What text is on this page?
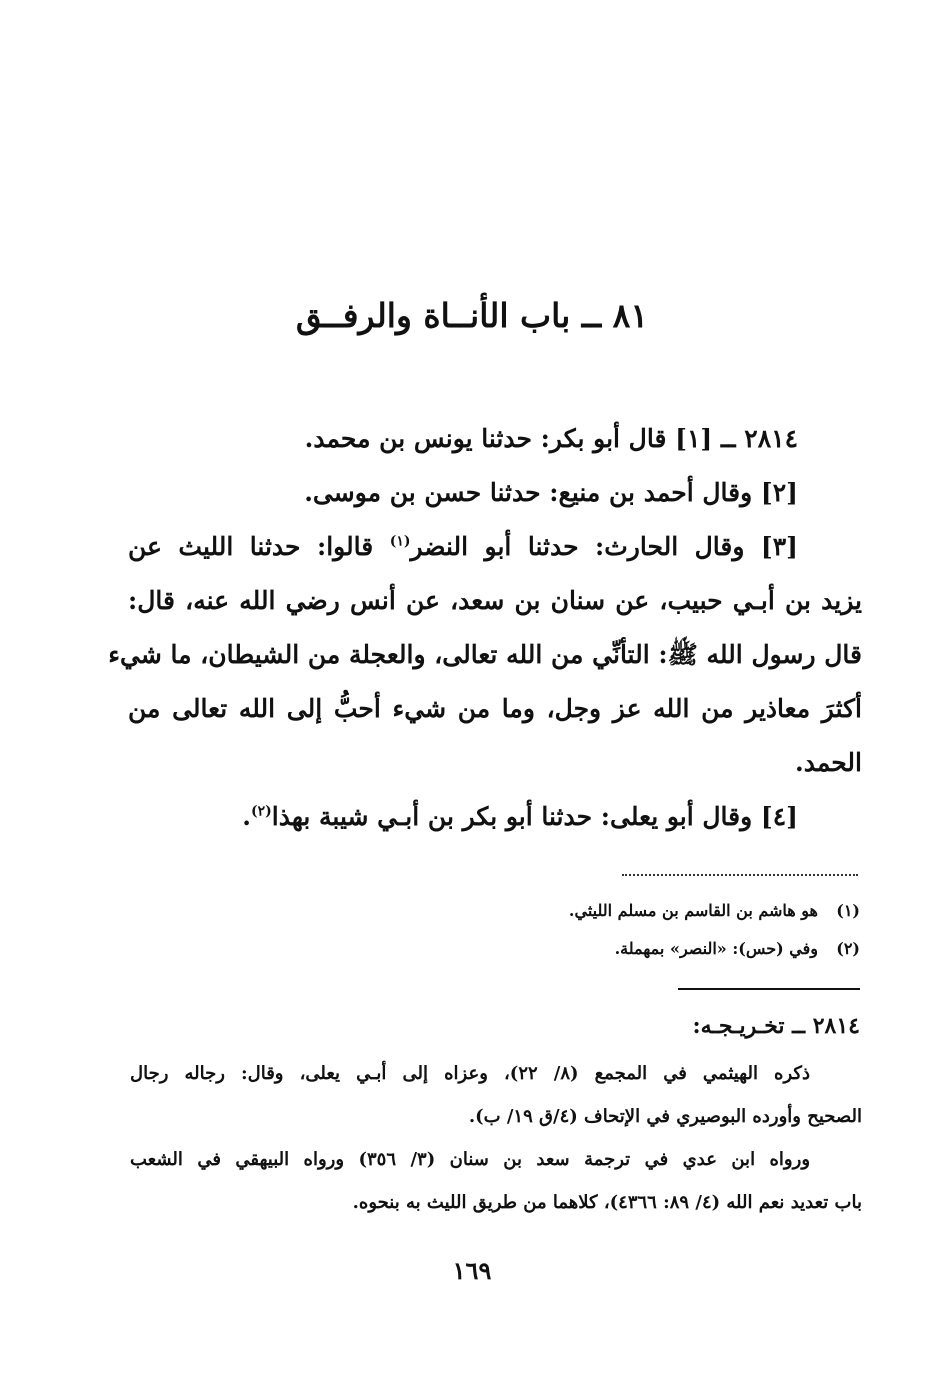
٨١ ــ باب الأنــاة والرفــق
٢٨١٤ ــ [١] قال أبو بكر: حدثنا يونس بن محمد.
[٢] وقال أحمد بن منيع: حدثنا حسن بن موسى.
[٣] وقال الحارث: حدثنا أبو النضر$^{(١)}$ قالوا: حدثنا الليث عن
يزيد بن أبـي حبيب، عن سنان بن سعد، عن أنس رضي الله عنه، قال:
قال رسول الله ﷺ: التأنِّي من الله تعالى، والعجلة من الشيطان، ما شيء
أكثرَ معاذير من الله عز وجل، وما من شيء أحبُّ إلى الله تعالى من
الحمد.
[٤] وقال أبو يعلى: حدثنا أبو بكر بن أبـي شيبة بهذا$^{(٢)}$.
(١)هو هاشم بن القاسم بن مسلم الليثي.
(٢)وفي (حس): «النصر» بمهملة.
٢٨١٤ ــ تخـريـجـه:
ذكره الهيثمي في المجمع (٨/ ٢٢)، وعزاه إلى أبـي يعلى، وقال: رجاله رجال
الصحيح وأورده البوصيري في الإتحاف (٤/ق ١٩/ ب).
ورواه ابن عدي في ترجمة سعد بن سنان (٣/ ٣٥٦) ورواه البيهقي في الشعب
باب تعديد نعم الله (٤/ ٨٩: ٤٣٦٦)، كلاهما من طريق الليث به بنحوه.
١٦٩
